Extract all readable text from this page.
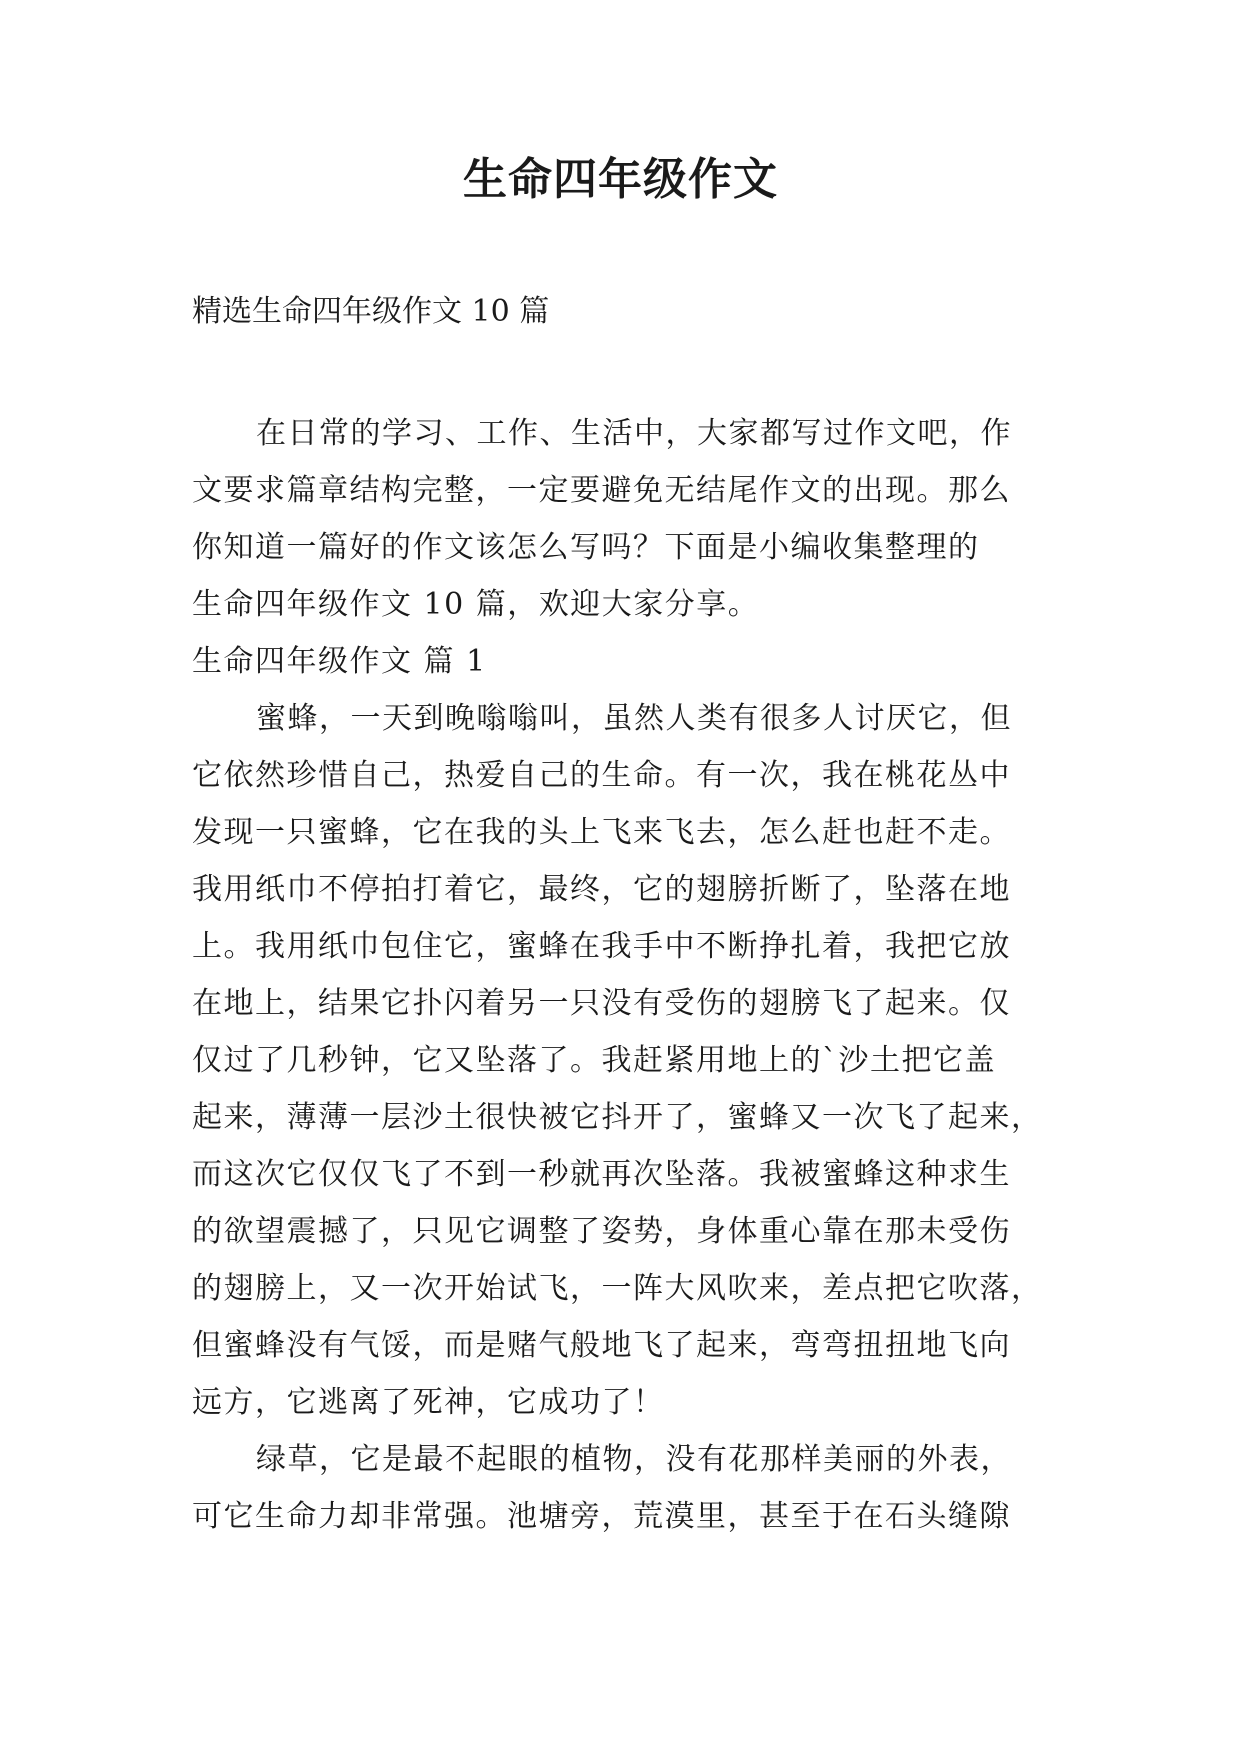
生命四年级作文

精选生命四年级作文 10 篇

在日常的学习、工作、生活中，大家都写过作文吧，作

文要求篇章结构完整，一定要避免无结尾作文的出现。那么

你知道一篇好的作文该怎么写吗？下面是小编收集整理的

生命四年级作文 10 篇，欢迎大家分享。

生命四年级作文 篇 1

蜜蜂，一天到晚嗡嗡叫，虽然人类有很多人讨厌它，但

它依然珍惜自己，热爱自己的生命。有一次，我在桃花丛中

发现一只蜜蜂，它在我的头上飞来飞去，怎么赶也赶不走。

我用纸巾不停拍打着它，最终，它的翅膀折断了，坠落在地

上。我用纸巾包住它，蜜蜂在我手中不断挣扎着，我把它放

在地上，结果它扑闪着另一只没有受伤的翅膀飞了起来。仅

仅过了几秒钟，它又坠落了。我赶紧用地上的`沙土把它盖

起来，薄薄一层沙土很快被它抖开了，蜜蜂又一次飞了起来，

而这次它仅仅飞了不到一秒就再次坠落。我被蜜蜂这种求生

的欲望震撼了，只见它调整了姿势，身体重心靠在那未受伤

的翅膀上，又一次开始试飞，一阵大风吹来，差点把它吹落，

但蜜蜂没有气馁，而是赌气般地飞了起来，弯弯扭扭地飞向

远方，它逃离了死神，它成功了！

绿草，它是最不起眼的植物，没有花那样美丽的外表，

可它生命力却非常强。池塘旁，荒漠里，甚至于在石头缝隙
